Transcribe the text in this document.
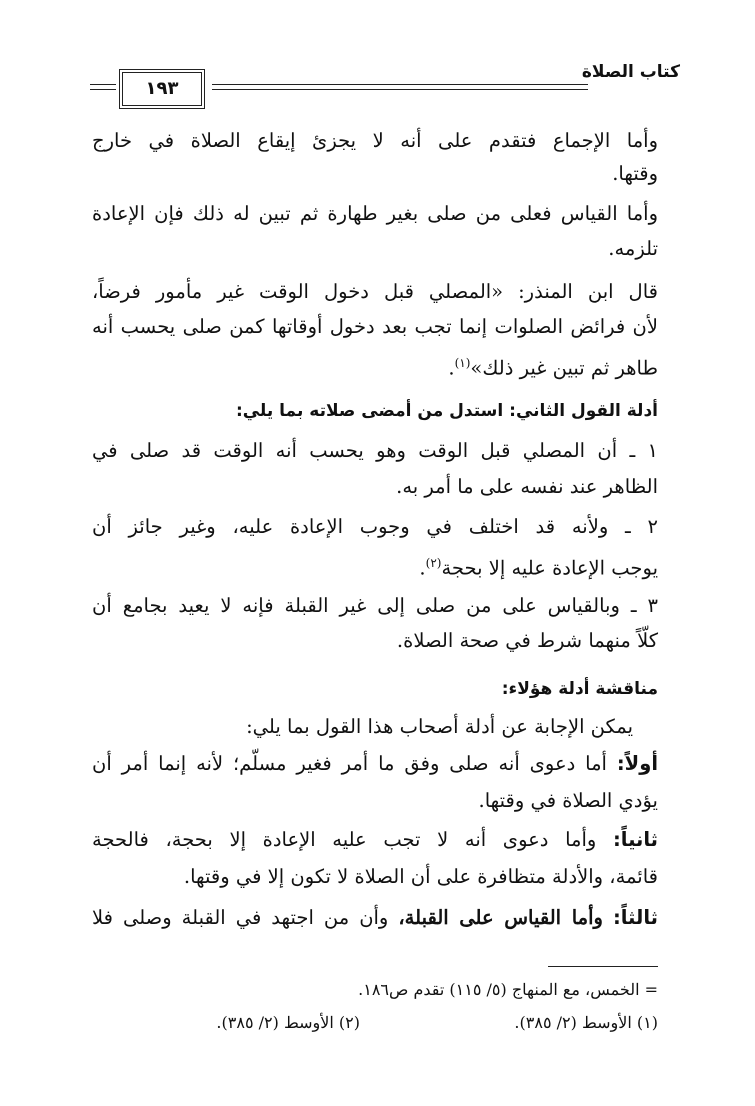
كتاب الصلاة
١٩٣
وأما الإجماع فتقدم على أنه لا يجزئ إيقاع الصلاة في خارج
وقتها.
وأما القياس فعلى من صلى بغير طهارة ثم تبين له ذلك فإن الإعادة
تلزمه.
قال ابن المنذر: «المصلي قبل دخول الوقت غير مأمور فرضاً،
لأن فرائض الصلوات إنما تجب بعد دخول أوقاتها كمن صلى يحسب أنه
طاهر ثم تبين غير ذلك»$^{(١)}$.
أدلة القول الثاني: استدل من أمضى صلاته بما يلي:
١ ـ أن المصلي قبل الوقت وهو يحسب أنه الوقت قد صلى في
الظاهر عند نفسه على ما أمر به.
٢ ـ ولأنه قد اختلف في وجوب الإعادة عليه، وغير جائز أن
يوجب الإعادة عليه إلا بحجة$^{(٢)}$.
٣ ـ وبالقياس على من صلى إلى غير القبلة فإنه لا يعيد بجامع أن
كلّاً منهما شرط في صحة الصلاة.
مناقشة أدلة هؤلاء:
يمكن الإجابة عن أدلة أصحاب هذا القول بما يلي:
أولاً: أما دعوى أنه صلى وفق ما أمر فغير مسلّم؛ لأنه إنما أمر أن
يؤدي الصلاة في وقتها.
ثانياً: وأما دعوى أنه لا تجب عليه الإعادة إلا بحجة، فالحجة
قائمة، والأدلة متظافرة على أن الصلاة لا تكون إلا في وقتها.
ثالثاً: وأما القياس على القبلة، وأن من اجتهد في القبلة وصلى فلا
= الخمس، مع المنهاج (٥/ ١١٥) تقدم ص١٨٦.
(١) الأوسط (٢/ ٣٨٥).
(٢) الأوسط (٢/ ٣٨٥).
